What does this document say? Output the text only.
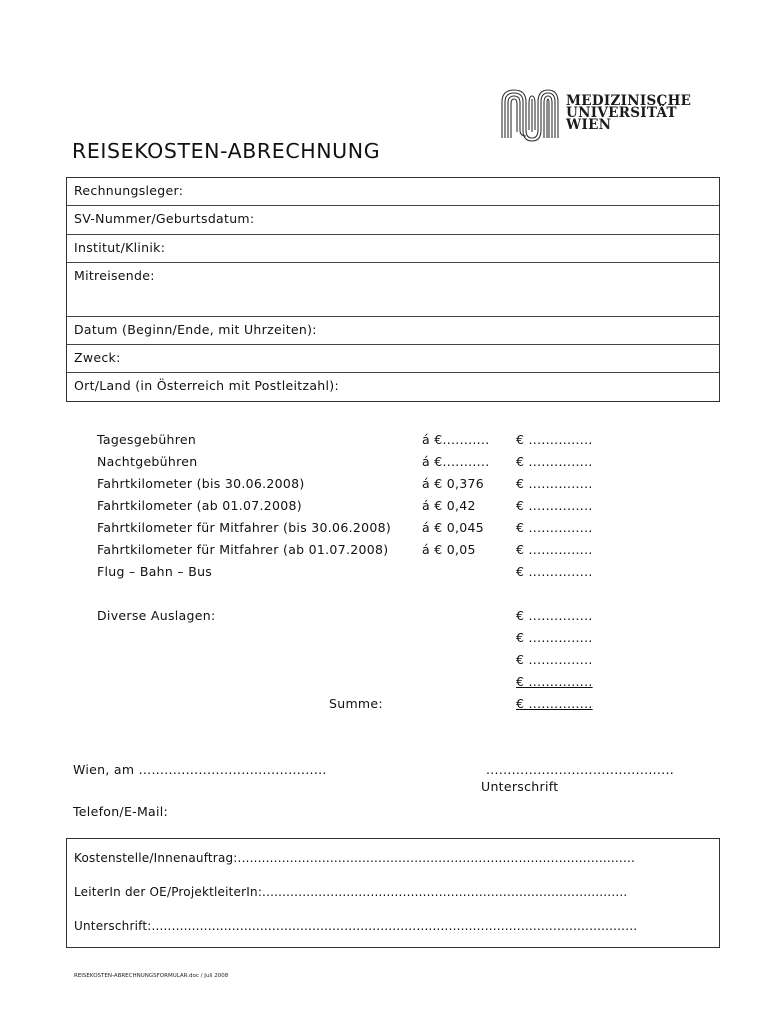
MEDIZINISCHE
UNIVERSITÄT
WIEN
REISEKOSTEN-ABRECHNUNG
Rechnungsleger:
SV-Nummer/Geburtsdatum:
Institut/Klinik:
Mitreisende:
Datum (Beginn/Ende, mit Uhrzeiten):
Zweck:
Ort/Land (in Österreich mit Postleitzahl):
Tagesgebühren	á €........... € ...............
Nachtgebühren	á €........... € ...............
Fahrtkilometer (bis 30.06.2008)	á € 0,376	€ ...............
Fahrtkilometer (ab 01.07.2008)	á € 0,42	€ ...............
Fahrtkilometer für Mitfahrer (bis 30.06.2008) á € 0,045	€ ...............
Fahrtkilometer für Mitfahrer (ab 01.07.2008)	á € 0,05	€ ...............
Flug – Bahn – Bus	€ ...............
Diverse Auslagen:	€ ...............
€ ...............
€ ...............
€ ...............
Summe:	€ ...............
Wien, am ............................................	............................................
Unterschrift
Telefon/E-Mail:
Kostenstelle/Innenauftrag:...................................................................................................
LeiterIn der OE/ProjektleiterIn:...........................................................................................
Unterschrift:.........................................................................................................................
REISEKOSTEN-ABRECHNUNGSFORMULAR.doc / Juli 2008
